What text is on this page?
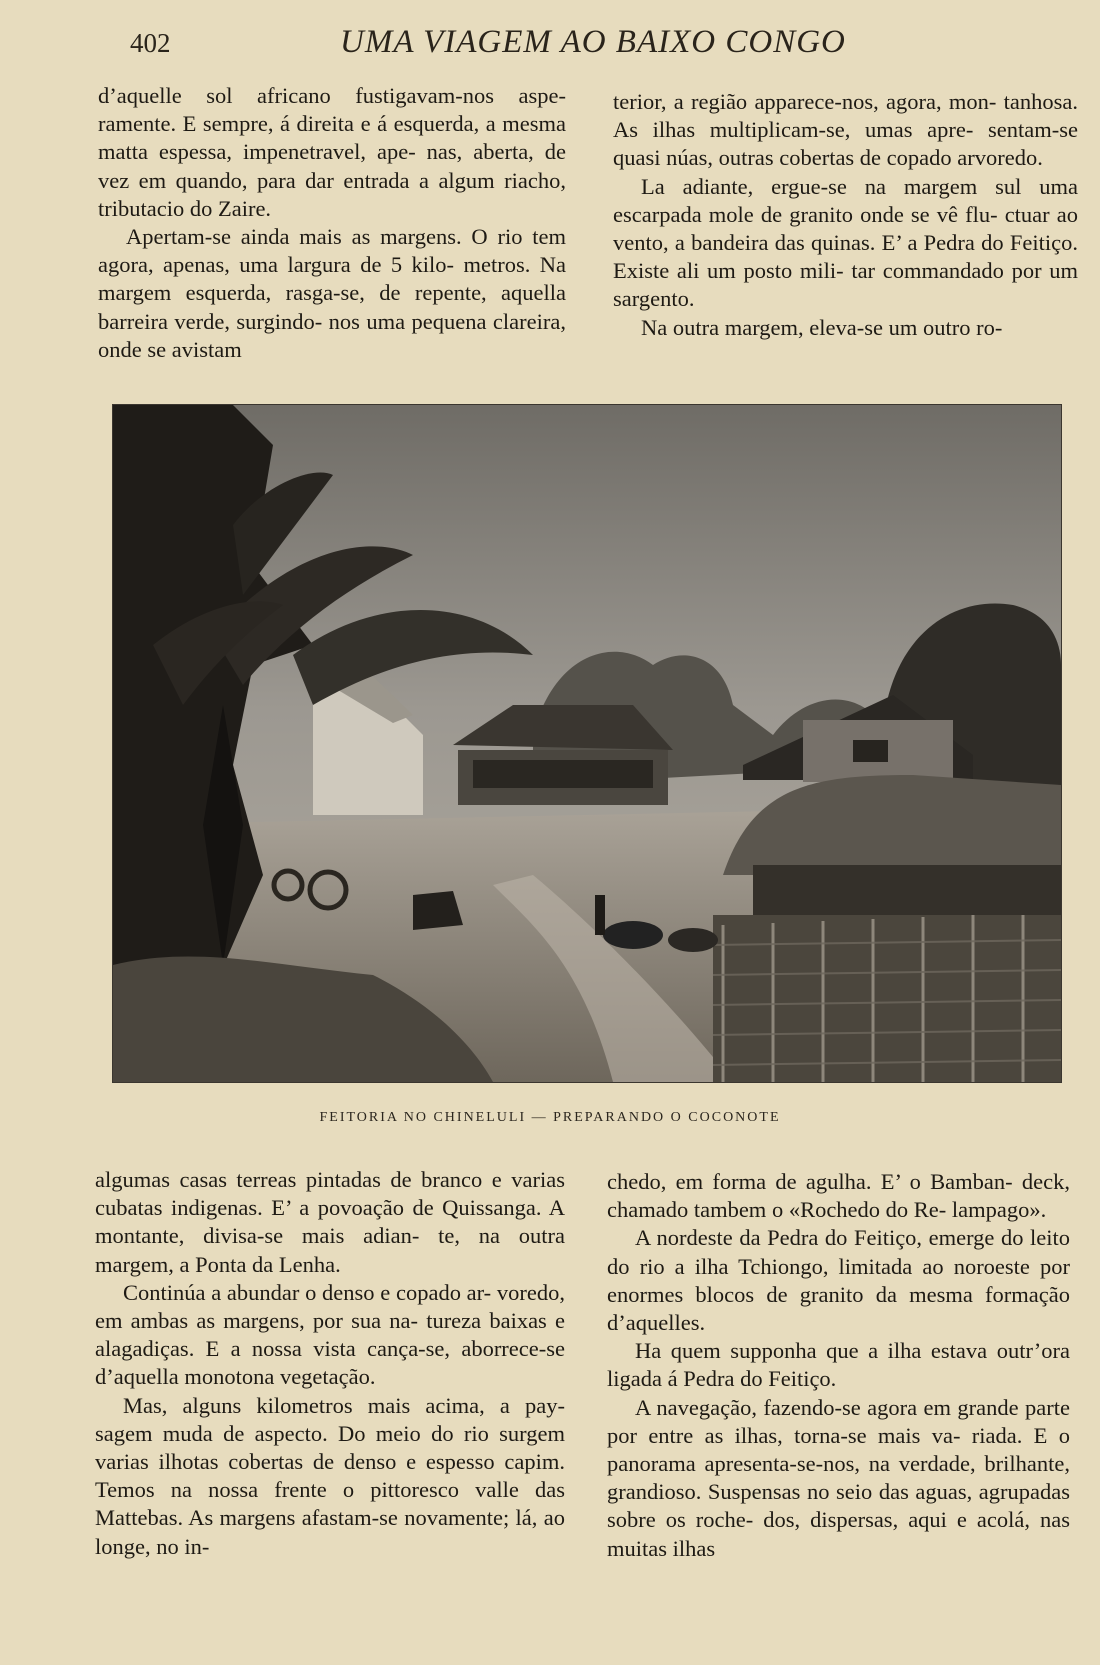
402	UMA VIAGEM AO BAIXO CONGO

d’aquelle sol africano fustigavam-nos aspe- ramente. E sempre, á direita e á esquerda, a mesma matta espessa, impenetravel, ape- nas, aberta, de vez em quando, para dar entrada a algum riacho, tributacio do Zaire.

Apertam-se ainda mais as margens. O rio tem agora, apenas, uma largura de 5 kilo- metros. Na margem esquerda, rasga-se, de repente, aquella barreira verde, surgindo- nos uma pequena clareira, onde se avistam

terior, a região apparece-nos, agora, mon- tanhosa. As ilhas multiplicam-se, umas apre- sentam-se quasi núas, outras cobertas de copado arvoredo.

La adiante, ergue-se na margem sul uma escarpada mole de granito onde se vê flu- ctuar ao vento, a bandeira das quinas. E’ a Pedra do Feitiço. Existe ali um posto mili- tar commandado por um sargento.

Na outra margem, eleva-se um outro ro-

FEITORIA NO CHINELULI — PREPARANDO O COCONOTE

algumas casas terreas pintadas de branco e varias cubatas indigenas. E’ a povoação de Quissanga. A montante, divisa-se mais adian- te, na outra margem, a Ponta da Lenha.

Continúa a abundar o denso e copado ar- voredo, em ambas as margens, por sua na- tureza baixas e alagadiças. E a nossa vista cança-se, aborrece-se d’aquella monotona vegetação.

Mas, alguns kilometros mais acima, a pay- sagem muda de aspecto. Do meio do rio surgem varias ilhotas cobertas de denso e espesso capim. Temos na nossa frente o pittoresco valle das Mattebas. As margens afastam-se novamente; lá, ao longe, no in-

chedo, em forma de agulha. E’ o Bamban- deck, chamado tambem o «Rochedo do Re- lampago».

A nordeste da Pedra do Feitiço, emerge do leito do rio a ilha Tchiongo, limitada ao noroeste por enormes blocos de granito da mesma formação d’aquelles.

Ha quem supponha que a ilha estava outr’ora ligada á Pedra do Feitiço.

A navegação, fazendo-se agora em grande parte por entre as ilhas, torna-se mais va- riada. E o panorama apresenta-se-nos, na verdade, brilhante, grandioso. Suspensas no seio das aguas, agrupadas sobre os roche- dos, dispersas, aqui e acolá, nas muitas ilhas
